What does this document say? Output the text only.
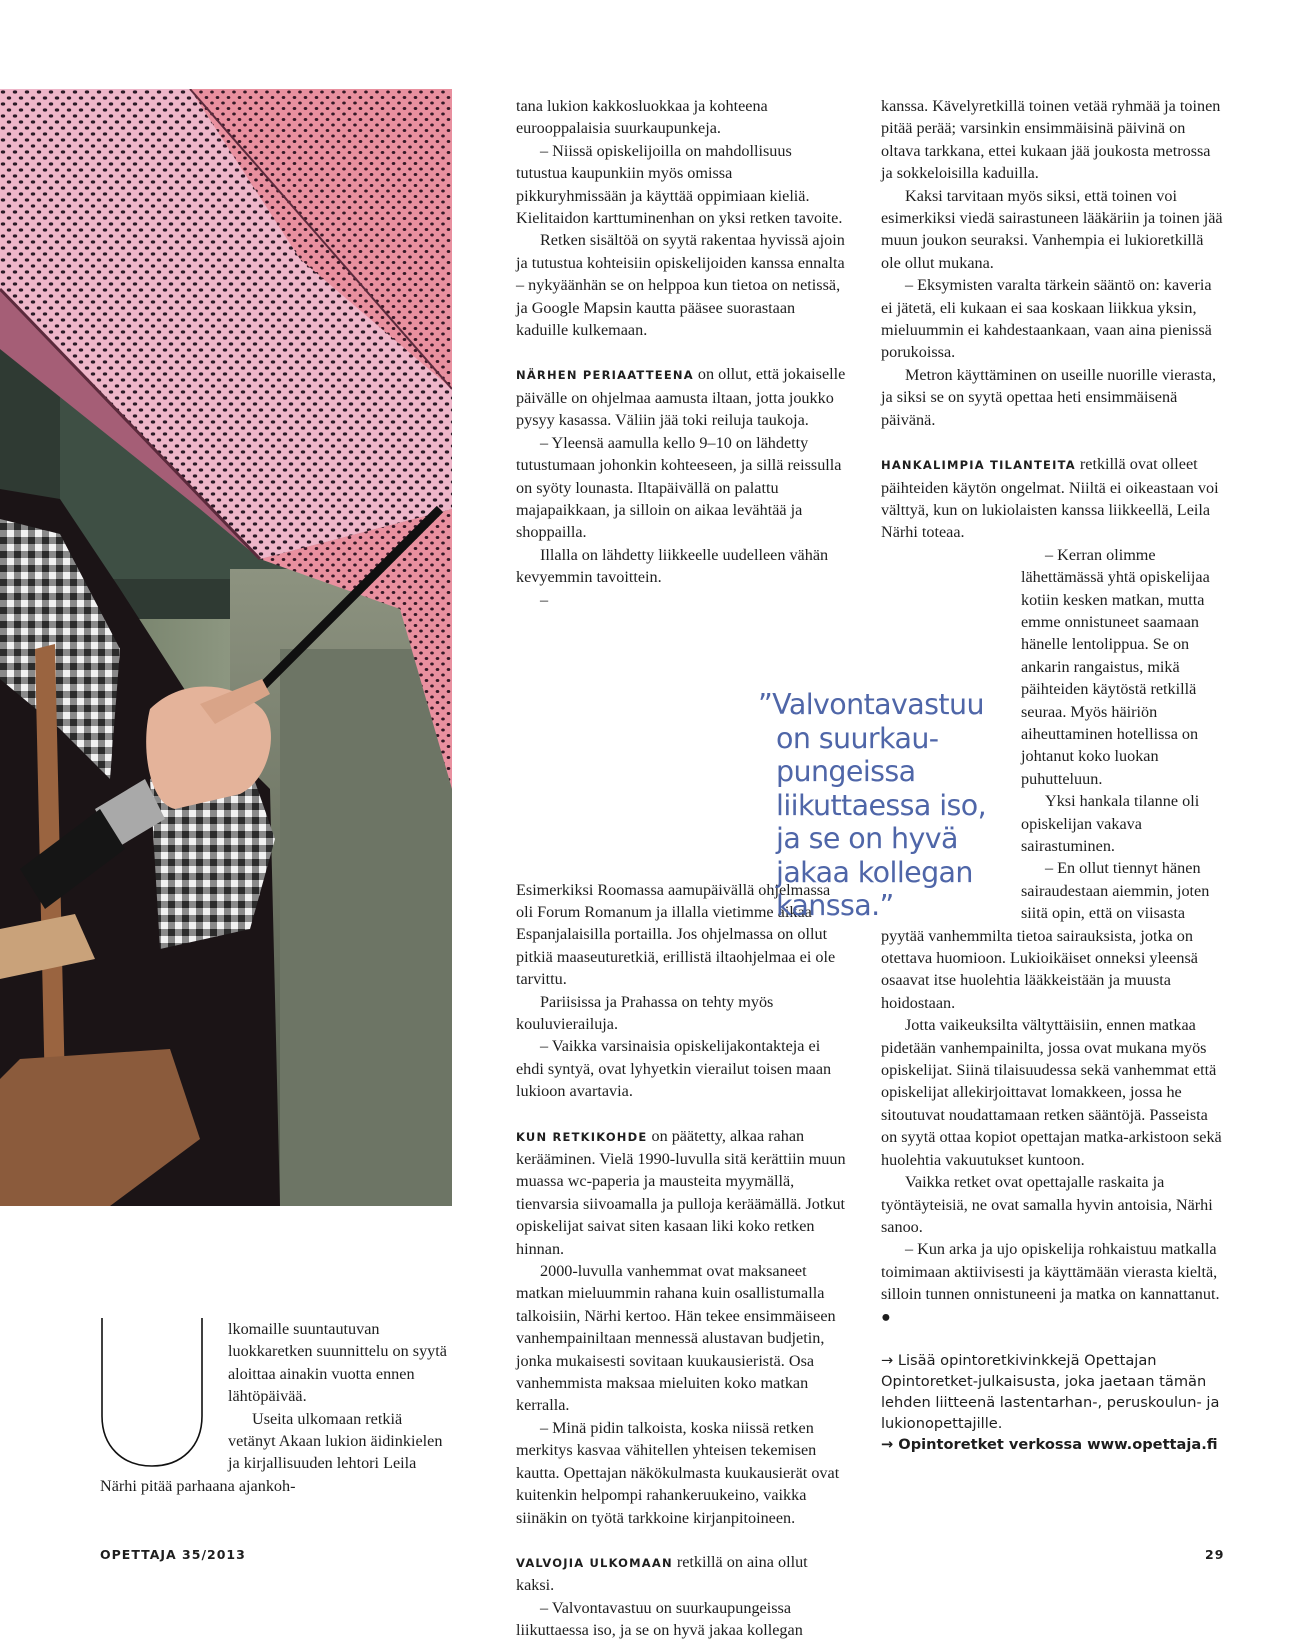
tana lukion kakkosluokkaa ja kohteena eurooppalaisia suurkaupunkeja.

– Niissä opiskelijoilla on mahdollisuus tutustua kaupunkiin myös omissa pikkuryhmissään ja käyttää oppimiaan kieliä. Kielitaidon karttuminenhan on yksi retken tavoite.

Retken sisältöä on syytä rakentaa hyvissä ajoin ja tutustua kohteisiin opiskelijoiden kanssa ennalta – nykyäänhän se on helppoa kun tietoa on netissä, ja Google Mapsin kautta pääsee suorastaan kaduille kulkemaan.

NÄRHEN PERIAATTEENA on ollut, että jokaiselle päivälle on ohjelmaa aamusta iltaan, jotta joukko pysyy kasassa. Väliin jää toki reiluja taukoja.

– Yleensä aamulla kello 9–10 on lähdetty tutustumaan johonkin kohteeseen, ja sillä reissulla on syöty lounasta. Iltapäivällä on palattu majapaikkaan, ja silloin on aikaa levähtää ja shoppailla.

Illalla on lähdetty liikkeelle uudelleen vähän kevyemmin tavoittein.

– Esimerkiksi Roomassa aamupäivällä ohjelmassa oli Forum Romanum ja illalla vietimme aikaa Espanjalaisilla portailla. Jos ohjelmassa on ollut pitkiä maaseuturetkiä, erillistä iltaohjelmaa ei ole tarvittu.

Pariisissa ja Prahassa on tehty myös kouluvierailuja.

– Vaikka varsinaisia opiskelijakontakteja ei ehdi syntyä, ovat lyhyetkin vierailut toisen maan lukioon avartavia.

KUN RETKIKOHDE on päätetty, alkaa rahan kerääminen. Vielä 1990-luvulla sitä kerättiin muun muassa wc-paperia ja mausteita myymällä, tienvarsia siivoamalla ja pulloja keräämällä. Jotkut opiskelijat saivat siten kasaan liki koko retken hinnan.

2000-luvulla vanhemmat ovat maksaneet matkan mieluummin rahana kuin osallistumalla talkoisiin, Närhi kertoo. Hän tekee ensimmäiseen vanhempainiltaan mennessä alustavan budjetin, jonka mukaisesti sovitaan kuukausieristä. Osa vanhemmista maksaa mieluiten koko matkan kerralla.

– Minä pidin talkoista, koska niissä retken merkitys kasvaa vähitellen yhteisen tekemisen kautta. Opettajan näkökulmasta kuukausierät ovat kuitenkin helpompi rahankeruukeino, vaikka siinäkin on työtä tarkkoine kirjanpitoineen.

VALVOJIA ULKOMAAN retkillä on aina ollut kaksi.

– Valvontavastuu on suurkaupungeissa liikuttaessa iso, ja se on hyvä jakaa kollegan

kanssa. Kävelyretkillä toinen vetää ryhmää ja toinen pitää perää; varsinkin ensimmäisinä päivinä on oltava tarkkana, ettei kukaan jää joukosta metrossa ja sokkeloisilla kaduilla.

Kaksi tarvitaan myös siksi, että toinen voi esimerkiksi viedä sairastuneen lääkäriin ja toinen jää muun joukon seuraksi. Vanhempia ei lukioretkillä ole ollut mukana.

– Eksymisten varalta tärkein sääntö on: kaveria ei jätetä, eli kukaan ei saa koskaan liikkua yksin, mieluummin ei kahdestaankaan, vaan aina pienissä porukoissa.

Metron käyttäminen on useille nuorille vierasta, ja siksi se on syytä opettaa heti ensimmäisenä päivänä.

HANKALIMPIA TILANTEITA retkillä ovat olleet päihteiden käytön ongelmat. Niiltä ei oikeastaan voi välttyä, kun on lukiolaisten kanssa liikkeellä, Leila Närhi toteaa.

– Kerran olimme lähettämässä yhtä opiskelijaa kotiin kesken matkan, mutta emme onnistuneet saamaan hänelle lentolippua. Se on ankarin rangaistus, mikä päihteiden käytöstä retkillä seuraa. Myös häiriön aiheuttaminen hotellissa on johtanut koko luokan puhutteluun.

Yksi hankala tilanne oli opiskelijan vakava sairastuminen.

– En ollut tiennyt hänen sairaudestaan aiemmin, joten siitä opin, että on viisasta pyytää vanhemmilta tietoa sairauksista, jotka on otettava huomioon. Lukioikäiset onneksi yleensä osaavat itse huolehtia lääkkeistään ja muusta hoidostaan.

Jotta vaikeuksilta vältyttäisiin, ennen matkaa pidetään vanhempainilta, jossa ovat mukana myös opiskelijat. Siinä tilaisuudessa sekä vanhemmat että opiskelijat allekirjoittavat lomakkeen, jossa he sitoutuvat noudattamaan retken sääntöjä. Passeista on syytä ottaa kopiot opettajan matka-arkistoon sekä huolehtia vakuutukset kuntoon.

Vaikka retket ovat opettajalle raskaita ja työntäyteisiä, ne ovat samalla hyvin antoisia, Närhi sanoo.

– Kun arka ja ujo opiskelija rohkaistuu matkalla toimimaan aktiivisesti ja käyttämään vierasta kieltä, silloin tunnen onnistuneeni ja matka on kannattanut. ●

→ Lisää opintoretkivinkkejä Opettajan Opintoretket-julkaisusta, joka jaetaan tämän lehden liitteenä lastentarhan-, peruskoulun- ja lukionopettajille.

→ Opintoretket verkossa www.opettaja.fi

”Valvontavastuu
on suurkau-
pungeissa
liikuttaessa iso,
ja se on hyvä
jakaa kollegan
kanssa.”
U

lkomaille suuntautuvan luokkaretken suunnittelu on syytä aloittaa ainakin vuotta ennen lähtöpäivää.

Useita ulkomaan retkiä vetänyt Akaan lukion äidinkielen ja kirjallisuuden lehtori Leila Närhi pitää parhaana ajankoh-

OPETTAJA 35/2013	29
